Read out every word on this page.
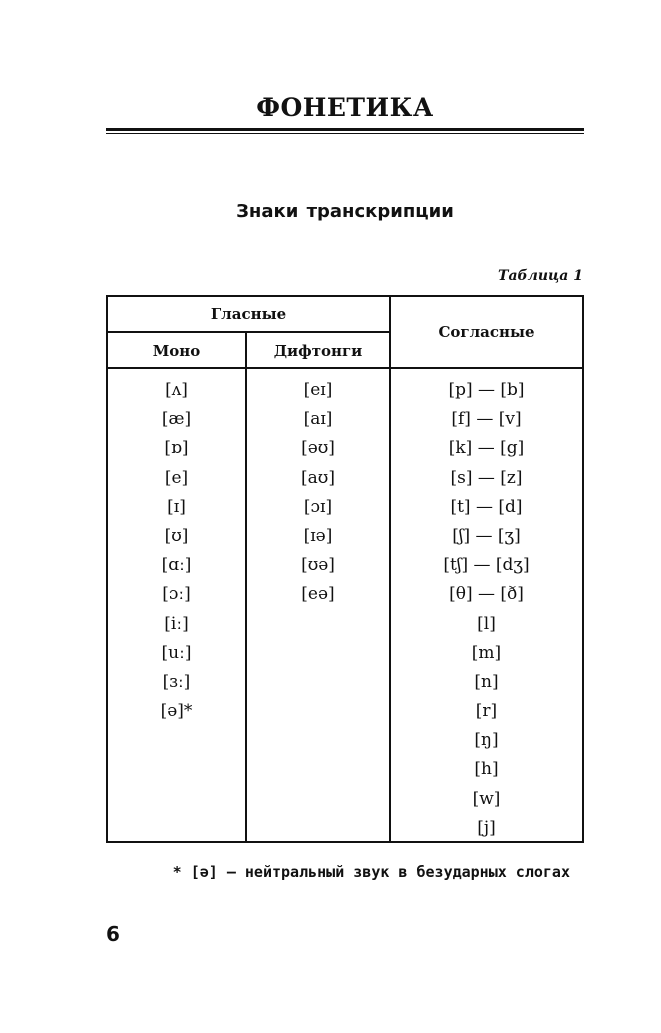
ФОНЕТИКА
Знаки транскрипции
Таблица 1
Гласные
Моно	Дифтонги
Согласные
[ʌ]
[æ]
[ɒ]
[e]
[ɪ]
[ʊ]
[ɑː]
[ɔː]
[iː]
[uː]
[ɜː]
[ə]*
[eɪ]
[aɪ]
[əʊ]
[aʊ]
[ɔɪ]
[ɪə]
[ʊə]
[eə]
[p] — [b]
[f] — [v]
[k] — [g]
[s] — [z]
[t] — [d]
[ʃ] — [ʒ]
[tʃ] — [dʒ]
[θ] — [ð]
[l]
[m]
[n]
[r]
[ŋ]
[h]
[w]
[j]
* [ə] – нейтральный звук в безударных слогах
6
